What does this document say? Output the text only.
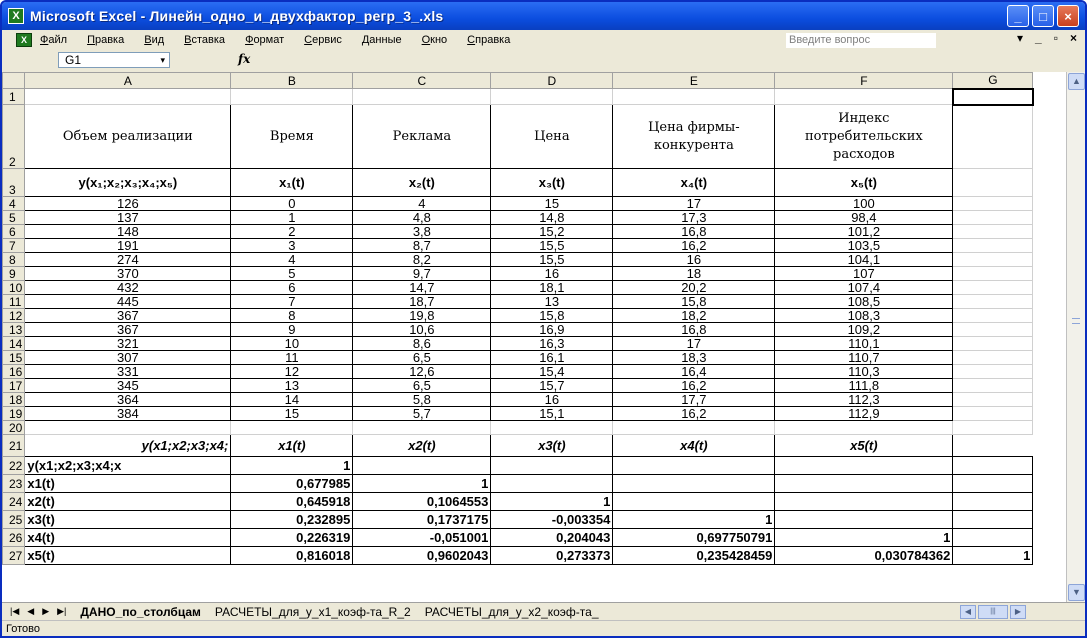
X Microsoft Excel - Линейн_одно_и_двухфактор_регр_3_.xls	_	□	×
X	Файл Правка Вид Вставка Формат Сервис Данные Окно Справка	Введите вопрос	▾ _ ▫ ×
G1	▾	fx
	A	B	C	D	E	F	G
1							
2	Объем реализации	Время	Реклама	Цена	Цена фирмы-конкурента	Индекс потребительских расходов	
3	y(x₁;x₂;x₃;x₄;x₅)	x₁(t)	x₂(t)	x₃(t)	x₄(t)	x₅(t)	
4	126	0	4	15	17	100	
5	137	1	4,8	14,8	17,3	98,4	
6	148	2	3,8	15,2	16,8	101,2	
7	191	3	8,7	15,5	16,2	103,5	
8	274	4	8,2	15,5	16	104,1	
9	370	5	9,7	16	18	107	
10	432	6	14,7	18,1	20,2	107,4	
11	445	7	18,7	13	15,8	108,5	
12	367	8	19,8	15,8	18,2	108,3	
13	367	9	10,6	16,9	16,8	109,2	
14	321	10	8,6	16,3	17	110,1	
15	307	11	6,5	16,1	18,3	110,7	
16	331	12	12,6	15,4	16,4	110,3	
17	345	13	6,5	15,7	16,2	111,8	
18	364	14	5,8	16	17,7	112,3	
19	384	15	5,7	15,1	16,2	112,9	
20							
21	y(x1;x2;x3;x4;	x1(t)	x2(t)	x3(t)	x4(t)	x5(t)
22	y(x1;x2;x3;x4;x	1					
23	x1(t)	0,677985	1				
24	x2(t)	0,645918	0,1064553	1			
25	x3(t)	0,232895	0,1737175	-0,003354	1		
26	x4(t)	0,226319	-0,051001	0,204043	0,697750791	1	
27	x5(t)	0,816018	0,9602043	0,273373	0,235428459	0,030784362	1
▲
▼
|◀ ◀ ▶ ▶| ДАНО_по_столбцам РАСЧЕТЫ_для_y_x1_коэф-та_R_2 РАСЧЕТЫ_для_y_x2_коэф-та_	◀	|||	▶
Готово
